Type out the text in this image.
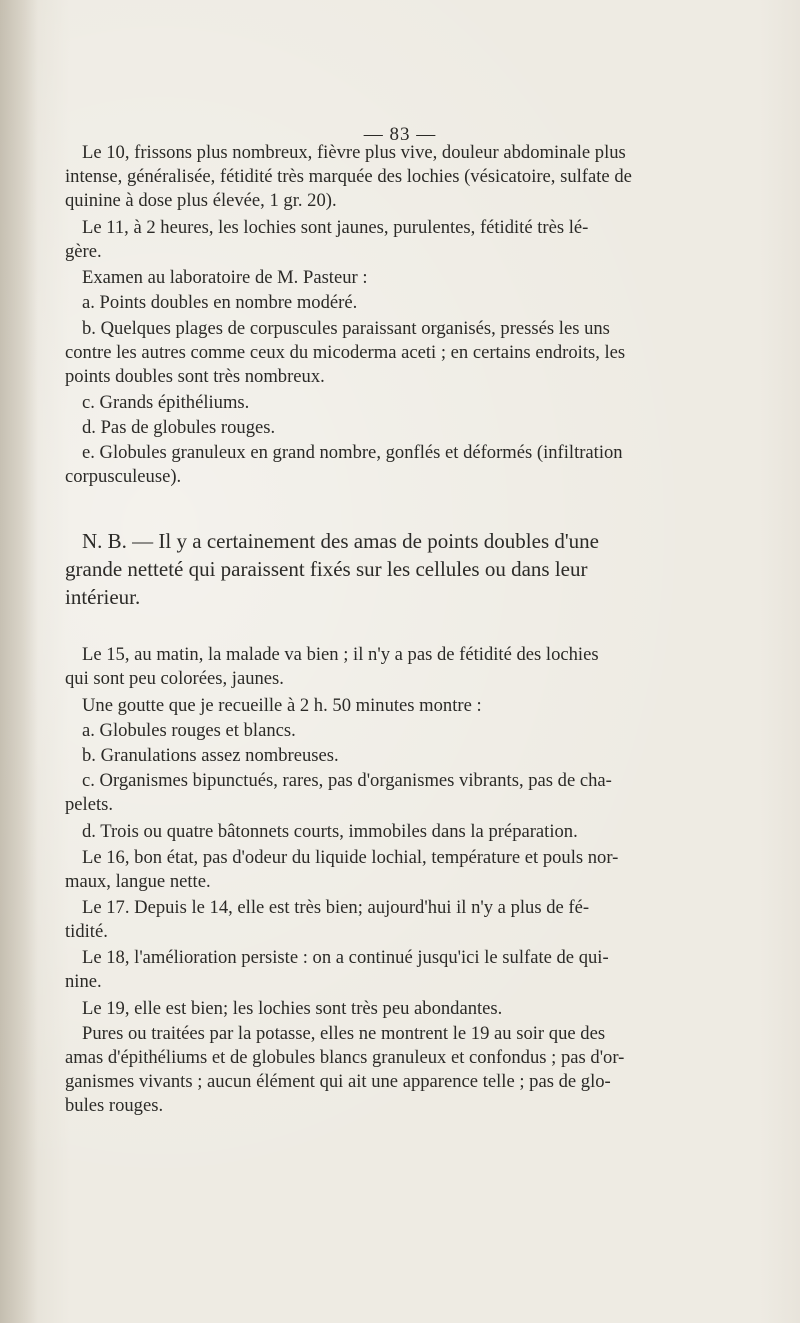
— 83 —

Le 10, frissons plus nombreux, fièvre plus vive, douleur abdominale plus
intense, généralisée, fétidité très marquée des lochies (vésicatoire, sulfate de
quinine à dose plus élevée, 1 gr. 20).

Le 11, à 2 heures, les lochies sont jaunes, purulentes, fétidité très lé-
gère.

Examen au laboratoire de M. Pasteur :

a. Points doubles en nombre modéré.

b. Quelques plages de corpuscules paraissant organisés, pressés les uns
contre les autres comme ceux du micoderma aceti ; en certains endroits, les
points doubles sont très nombreux.

c. Grands épithéliums.

d. Pas de globules rouges.

e. Globules granuleux en grand nombre, gonflés et déformés (infiltration
corpusculeuse).

N. B. — Il y a certainement des amas de points doubles d'une
grande netteté qui paraissent fixés sur les cellules ou dans leur
intérieur.

Le 15, au matin, la malade va bien ; il n'y a pas de fétidité des lochies
qui sont peu colorées, jaunes.

Une goutte que je recueille à 2 h. 50 minutes montre :

a. Globules rouges et blancs.

b. Granulations assez nombreuses.

c. Organismes bipunctués, rares, pas d'organismes vibrants, pas de cha-
pelets.

d. Trois ou quatre bâtonnets courts, immobiles dans la préparation.

Le 16, bon état, pas d'odeur du liquide lochial, température et pouls nor-
maux, langue nette.

Le 17. Depuis le 14, elle est très bien; aujourd'hui il n'y a plus de fé-
tidité.

Le 18, l'amélioration persiste : on a continué jusqu'ici le sulfate de qui-
nine.

Le 19, elle est bien; les lochies sont très peu abondantes.

Pures ou traitées par la potasse, elles ne montrent le 19 au soir que des
amas d'épithéliums et de globules blancs granuleux et confondus ; pas d'or-
ganismes vivants ; aucun élément qui ait une apparence telle ; pas de glo-
bules rouges.
